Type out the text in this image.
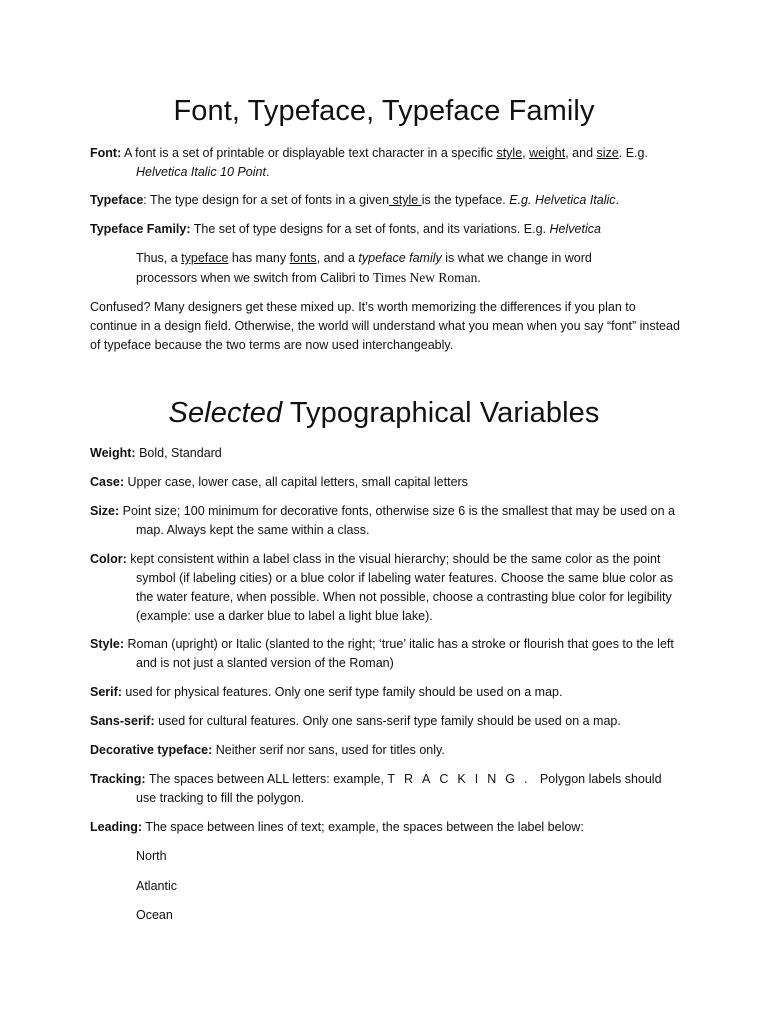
Font, Typeface, Typeface Family

Font: A font is a set of printable or displayable text character in a specific style, weight, and size. E.g. Helvetica Italic 10 Point.

Typeface: The type design for a set of fonts in a given style is the typeface. E.g. Helvetica Italic.

Typeface Family: The set of type designs for a set of fonts, and its variations. E.g. Helvetica

Thus, a typeface has many fonts, and a typeface family is what we change in word processors when we switch from Calibri to Times New Roman.

Confused? Many designers get these mixed up. It’s worth memorizing the differences if you plan to continue in a design field. Otherwise, the world will understand what you mean when you say “font” instead of typeface because the two terms are now used interchangeably.

Selected Typographical Variables

Weight: Bold, Standard

Case: Upper case, lower case, all capital letters, small capital letters

Size: Point size; 100 minimum for decorative fonts, otherwise size 6 is the smallest that may be used on a map. Always kept the same within a class.

Color: kept consistent within a label class in the visual hierarchy; should be the same color as the point symbol (if labeling cities) or a blue color if labeling water features. Choose the same blue color as the water feature, when possible. When not possible, choose a contrasting blue color for legibility (example: use a darker blue to label a light blue lake).

Style: Roman (upright) or Italic (slanted to the right; ‘true’ italic has a stroke or flourish that goes to the left and is not just a slanted version of the Roman)

Serif: used for physical features. Only one serif type family should be used on a map.

Sans-serif: used for cultural features. Only one sans-serif type family should be used on a map.

Decorative typeface: Neither serif nor sans, used for titles only.

Tracking: The spaces between ALL letters: example, TRACKING. Polygon labels should use tracking to fill the polygon.

Leading: The space between lines of text; example, the spaces between the label below:

North

Atlantic

Ocean
